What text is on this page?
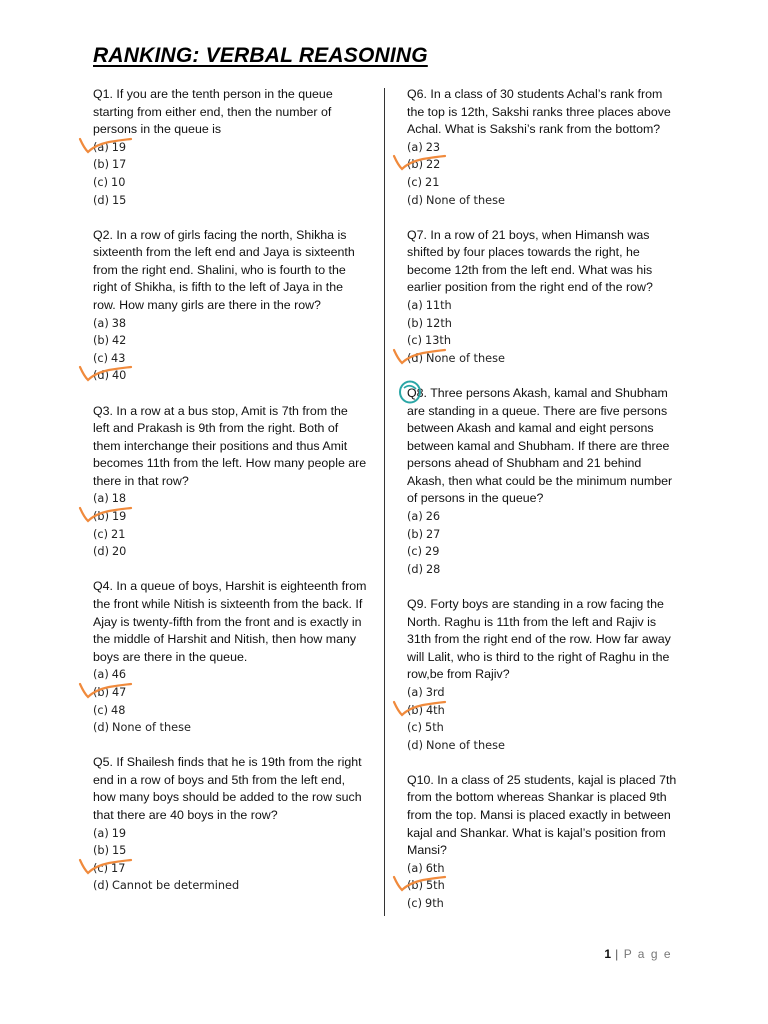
RANKING: VERBAL REASONING

Q1. If you are the tenth person in the queue starting from either end, then the number of persons in the queue is

(a) 19
(b) 17
(c) 10
(d) 15

Q2. In a row of girls facing the north, Shikha is sixteenth from the left end and Jaya is sixteenth from the right end. Shalini, who is fourth to the right of Shikha, is fifth to the left of Jaya in the row. How many girls are there in the row?

(a) 38
(b) 42
(c) 43
(d) 40

Q3. In a row at a bus stop, Amit is 7th from the left and Prakash is 9th from the right. Both of them interchange their positions and thus Amit becomes 11th from the left. How many people are there in that row?

(a) 18
(b) 19
(c) 21
(d) 20

Q4. In a queue of boys, Harshit is eighteenth from the front while Nitish is sixteenth from the back. If Ajay is twenty-fifth from the front and is exactly in the middle of Harshit and Nitish, then how many boys are there in the queue.

(a) 46
(b) 47
(c) 48
(d) None of these

Q5. If Shailesh finds that he is 19th from the right end in a row of boys and 5th from the left end, how many boys should be added to the row such that there are 40 boys in the row?

(a) 19
(b) 15
(c) 17
(d) Cannot be determined

Q6. In a class of 30 students Achal’s rank from the top is 12th, Sakshi ranks three places above Achal. What is Sakshi’s rank from the bottom?

(a) 23
(b) 22
(c) 21
(d) None of these

Q7. In a row of 21 boys, when Himansh was shifted by four places towards the right, he become 12th from the left end. What was his earlier position from the right end of the row?

(a) 11th
(b) 12th
(c) 13th
(d) None of these

Q8. Three persons Akash, kamal and Shubham are standing in a queue. There are five persons between Akash and kamal and eight persons between kamal and Shubham. If there are three persons ahead of Shubham and 21 behind Akash, then what could be the minimum number of persons in the queue?

(a) 26
(b) 27
(c) 29
(d) 28

Q9. Forty boys are standing in a row facing the North. Raghu is 11th from the left and Rajiv is 31th from the right end of the row. How far away will Lalit, who is third to the right of Raghu in the row,be from Rajiv?

(a) 3rd
(b) 4th
(c) 5th
(d) None of these

Q10. In a class of 25 students, kajal is placed 7th from the bottom whereas Shankar is placed 9th from the top. Mansi is placed exactly in between kajal and Shankar. What is kajal’s position from Mansi?

(a) 6th
(b) 5th
(c) 9th
1 | P a g e
